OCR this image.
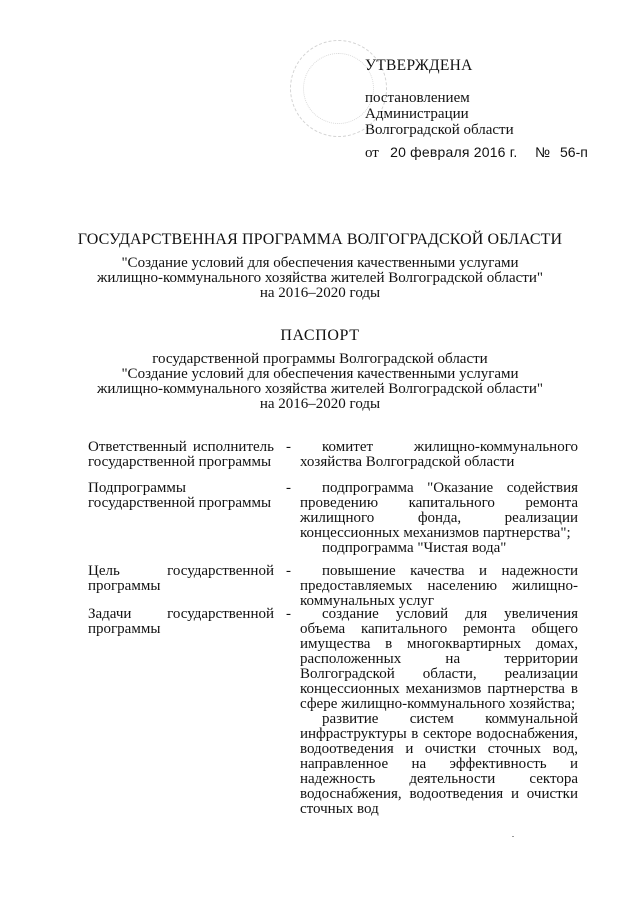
УТВЕРЖДЕНА
постановлением
Администрации
Волгоградской области
от 20 февраля 2016 г. № 56-п
ГОСУДАРСТВЕННАЯ ПРОГРАММА ВОЛГОГРАДСКОЙ ОБЛАСТИ
"Создание условий для обеспечения качественными услугами
жилищно-коммунального хозяйства жителей Волгоградской области"
на 2016–2020 годы
ПАСПОРТ
государственной программы Волгоградской области
"Создание условий для обеспечения качественными услугами
жилищно-коммунального хозяйства жителей Волгоградской области"
на 2016–2020 годы

Ответственный исполнитель государственной программы

-	комитет жилищно-коммунального хозяйства Волгоградской области

Подпрограммы государственной программы

-	подпрограмма "Оказание содействия проведению капитального ремонта жилищного фонда, реализации концессионных механизмов партнерства";

подпрограмма "Чистая вода"

Цель государственной программы

-	повышение качества и надежности предоставляемых населению жилищно-коммунальных услуг

Задачи государственной программы

-	создание условий для увеличения объема капитального ремонта общего имущества в многоквартирных домах, расположенных на территории Волгоградской области, реализации концессионных механизмов партнерства в сфере жилищно-коммунального хозяйства;

развитие систем коммунальной инфраструктуры в секторе водоснабжения, водоотведения и очистки сточных вод, направленное на эффективность и надежность деятельности сектора водоснабжения, водоотведения и очистки сточных вод
